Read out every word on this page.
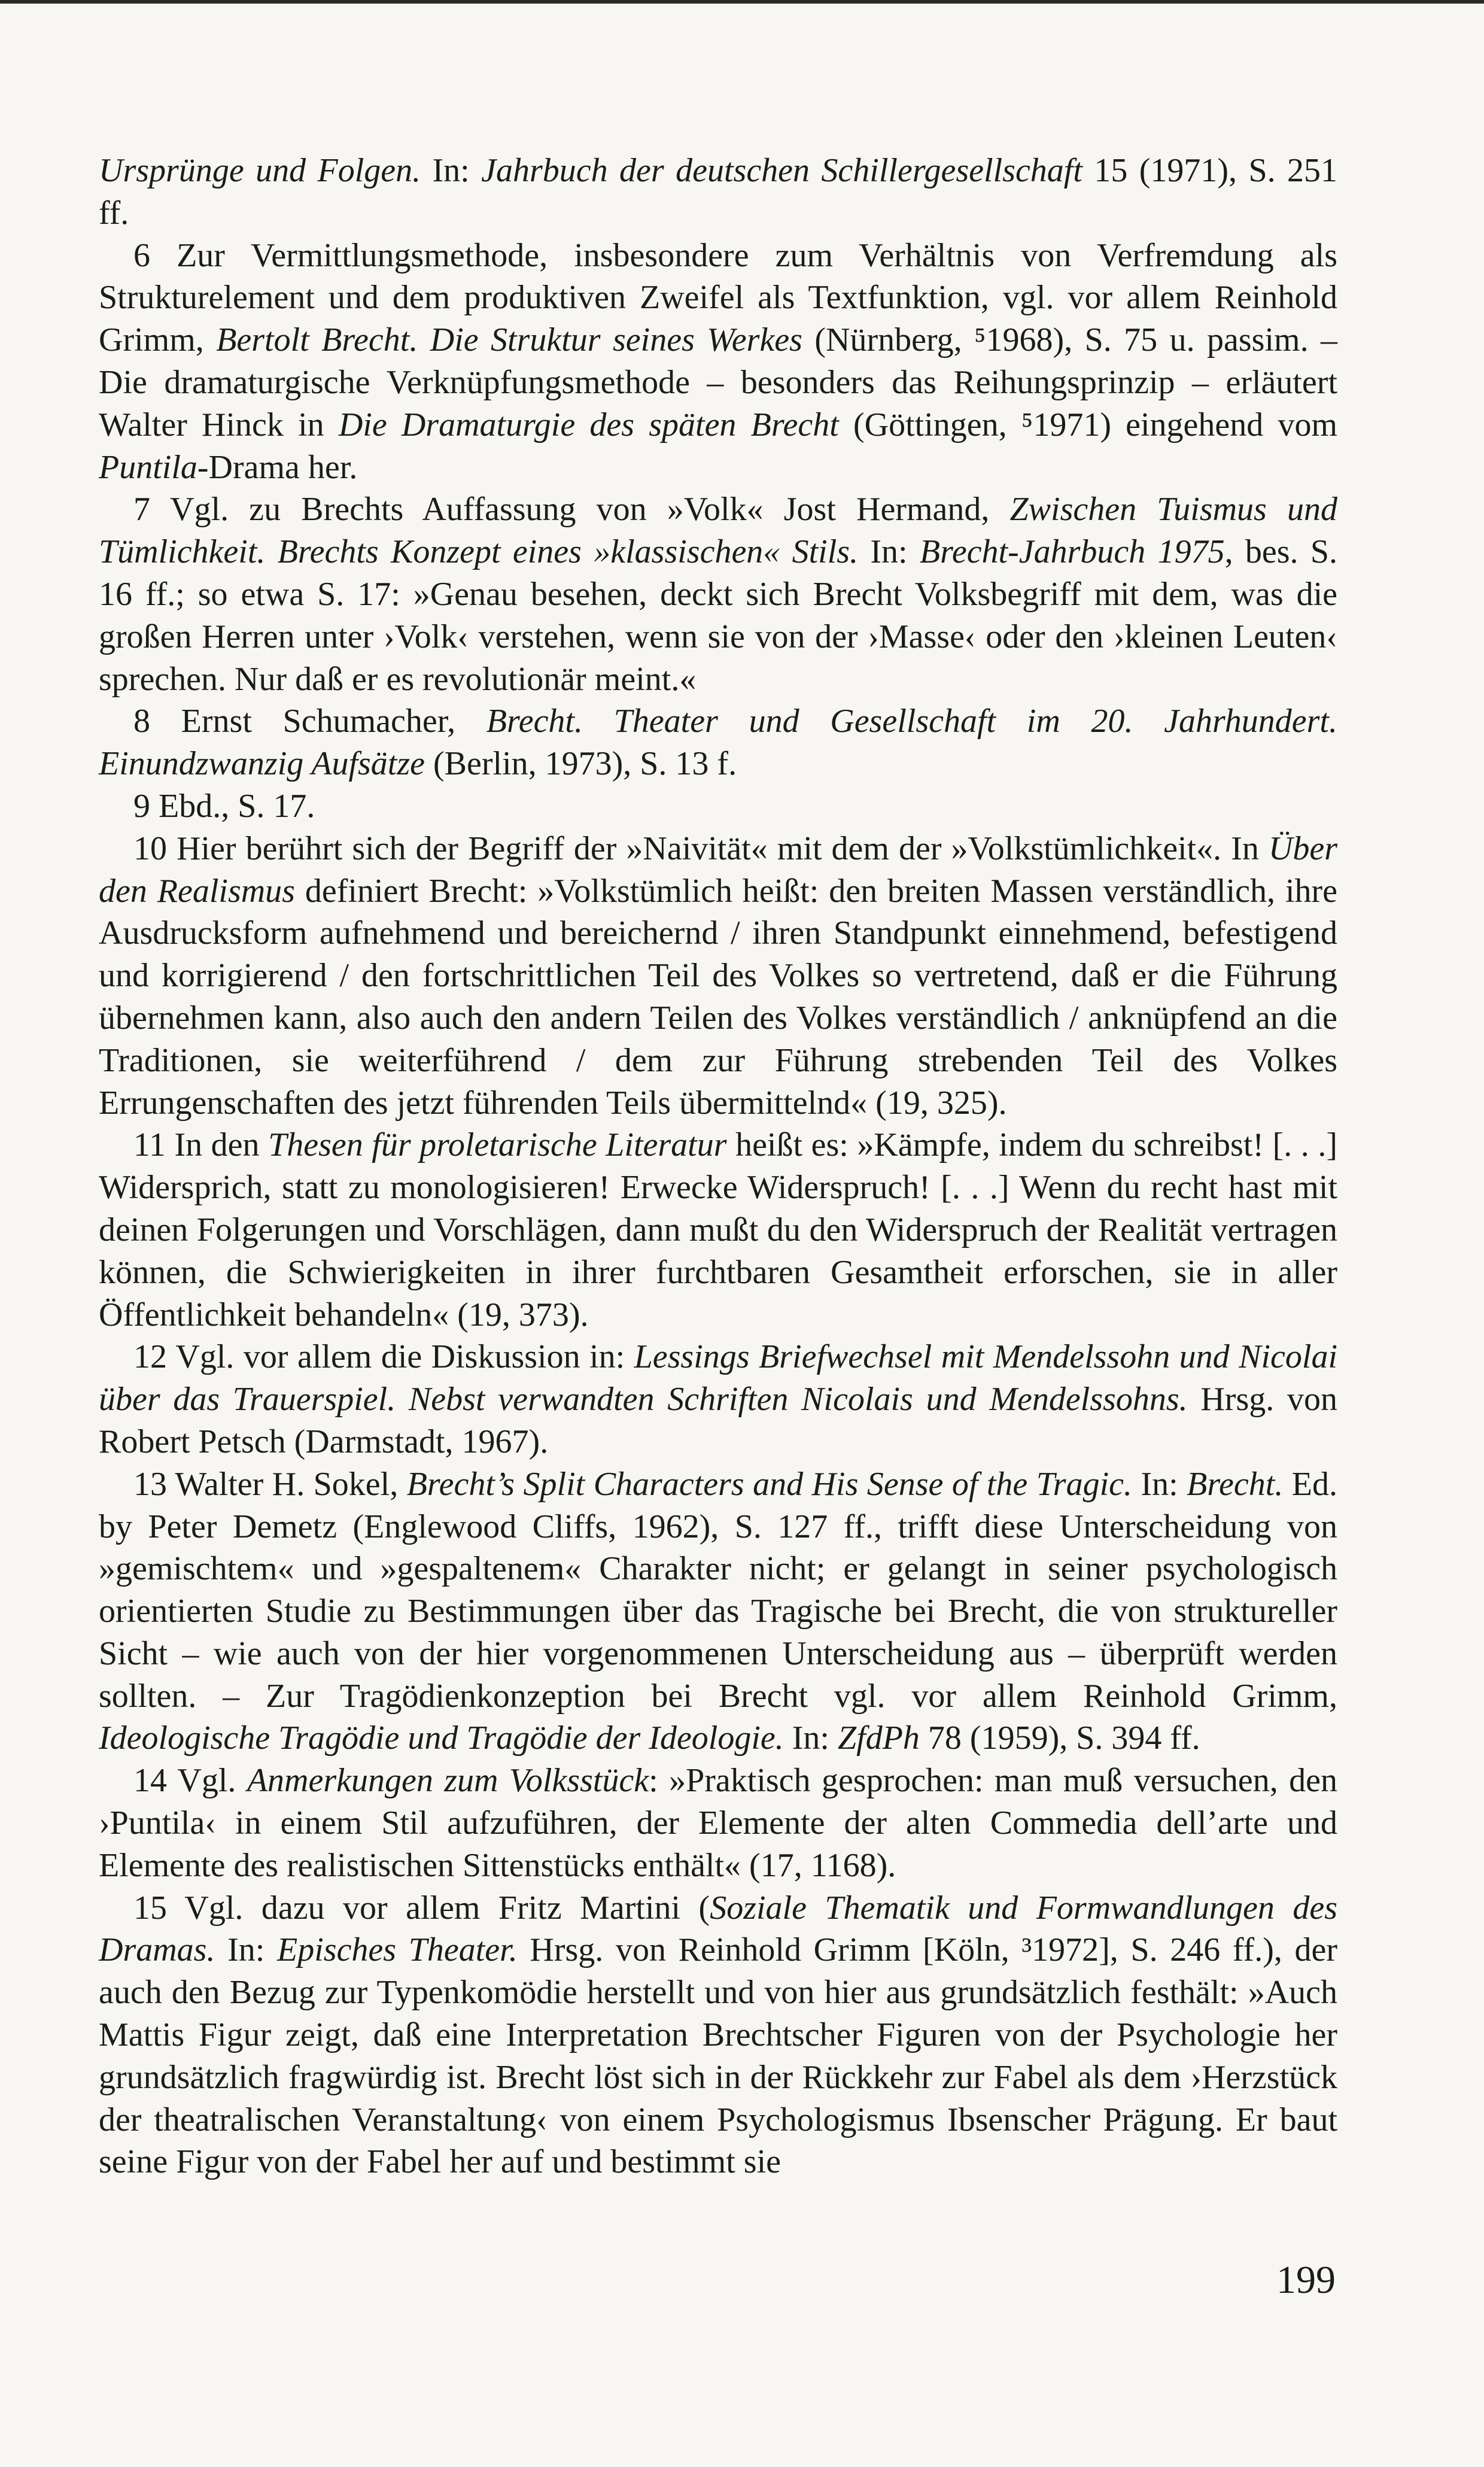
Ursprünge und Folgen. In: Jahrbuch der deutschen Schillergesellschaft 15 (1971), S. 251 ff.

6 Zur Vermittlungsmethode, insbesondere zum Verhältnis von Verfremdung als Strukturelement und dem produktiven Zweifel als Textfunktion, vgl. vor allem Reinhold Grimm, Bertolt Brecht. Die Struktur seines Werkes (Nürnberg, ⁵1968), S. 75 u. passim. – Die dramaturgische Verknüpfungsmethode – besonders das Reihungsprinzip – erläutert Walter Hinck in Die Dramaturgie des späten Brecht (Göttingen, ⁵1971) eingehend vom Puntila-Drama her.

7 Vgl. zu Brechts Auffassung von »Volk« Jost Hermand, Zwischen Tuismus und Tümlichkeit. Brechts Konzept eines »klassischen« Stils. In: Brecht-Jahrbuch 1975, bes. S. 16 ff.; so etwa S. 17: »Genau besehen, deckt sich Brecht Volksbegriff mit dem, was die großen Herren unter ›Volk‹ verstehen, wenn sie von der ›Masse‹ oder den ›kleinen Leuten‹ sprechen. Nur daß er es revolutionär meint.«

8 Ernst Schumacher, Brecht. Theater und Gesellschaft im 20. Jahrhundert. Einundzwanzig Aufsätze (Berlin, 1973), S. 13 f.

9 Ebd., S. 17.

10 Hier berührt sich der Begriff der »Naivität« mit dem der »Volkstümlichkeit«. In Über den Realismus definiert Brecht: »Volkstümlich heißt: den breiten Massen verständlich, ihre Ausdrucksform aufnehmend und bereichernd / ihren Standpunkt einnehmend, befestigend und korrigierend / den fortschrittlichen Teil des Volkes so vertretend, daß er die Führung übernehmen kann, also auch den andern Teilen des Volkes verständlich / anknüpfend an die Traditionen, sie weiterführend / dem zur Führung strebenden Teil des Volkes Errungenschaften des jetzt führenden Teils übermittelnd« (19, 325).

11 In den Thesen für proletarische Literatur heißt es: »Kämpfe, indem du schreibst! [. . .] Widersprich, statt zu monologisieren! Erwecke Widerspruch! [. . .] Wenn du recht hast mit deinen Folgerungen und Vorschlägen, dann mußt du den Widerspruch der Realität vertragen können, die Schwierigkeiten in ihrer furchtbaren Gesamtheit erforschen, sie in aller Öffentlichkeit behandeln« (19, 373).

12 Vgl. vor allem die Diskussion in: Lessings Briefwechsel mit Mendelssohn und Nicolai über das Trauerspiel. Nebst verwandten Schriften Nicolais und Mendelssohns. Hrsg. von Robert Petsch (Darmstadt, 1967).

13 Walter H. Sokel, Brecht’s Split Characters and His Sense of the Tragic. In: Brecht. Ed. by Peter Demetz (Englewood Cliffs, 1962), S. 127 ff., trifft diese Unterscheidung von »gemischtem« und »gespaltenem« Charakter nicht; er gelangt in seiner psychologisch orientierten Studie zu Bestimmungen über das Tragische bei Brecht, die von struktureller Sicht – wie auch von der hier vorgenommenen Unterscheidung aus – überprüft werden sollten. – Zur Tragödienkonzeption bei Brecht vgl. vor allem Reinhold Grimm, Ideologische Tragödie und Tragödie der Ideologie. In: ZfdPh 78 (1959), S. 394 ff.

14 Vgl. Anmerkungen zum Volksstück: »Praktisch gesprochen: man muß versuchen, den ›Puntila‹ in einem Stil aufzuführen, der Elemente der alten Commedia dell’arte und Elemente des realistischen Sittenstücks enthält« (17, 1168).

15 Vgl. dazu vor allem Fritz Martini (Soziale Thematik und Formwandlungen des Dramas. In: Episches Theater. Hrsg. von Reinhold Grimm [Köln, ³1972], S. 246 ff.), der auch den Bezug zur Typenkomödie herstellt und von hier aus grundsätzlich festhält: »Auch Mattis Figur zeigt, daß eine Interpretation Brechtscher Figuren von der Psychologie her grundsätzlich fragwürdig ist. Brecht löst sich in der Rückkehr zur Fabel als dem ›Herzstück der theatralischen Veranstaltung‹ von einem Psychologismus Ibsenscher Prägung. Er baut seine Figur von der Fabel her auf und bestimmt sie

199
